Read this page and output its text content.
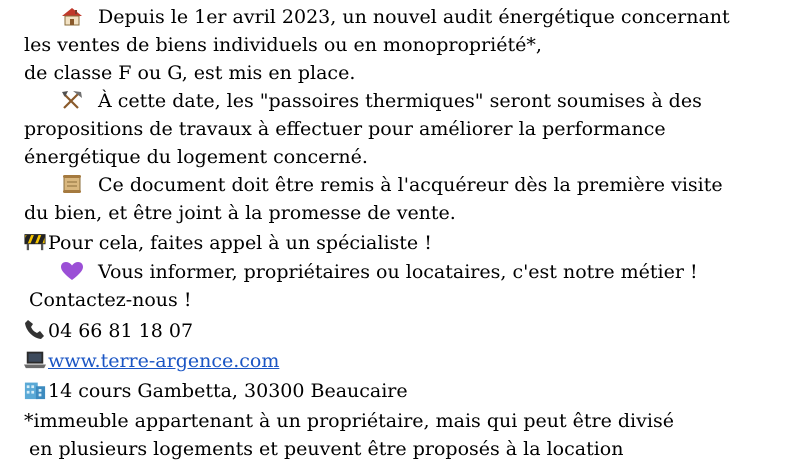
Depuis le 1er avril 2023, un nouvel audit énergétique concernant
les ventes de biens individuels ou en monopropriété*,
de classe F ou G, est mis en place.
À cette date, les "passoires thermiques" seront soumises à des
propositions de travaux à effectuer pour améliorer la performance
énergétique du logement concerné.
Ce document doit être remis à l'acquéreur dès la première visite
du bien, et être joint à la promesse de vente.
Pour cela, faites appel à un spécialiste !
Vous informer, propriétaires ou locataires, c'est notre métier !
Contactez-nous !
04 66 81 18 07
www.terre-argence.com
14 cours Gambetta, 30300 Beaucaire
*immeuble appartenant à un propriétaire, mais qui peut être divisé
en plusieurs logements et peuvent être proposés à la location
